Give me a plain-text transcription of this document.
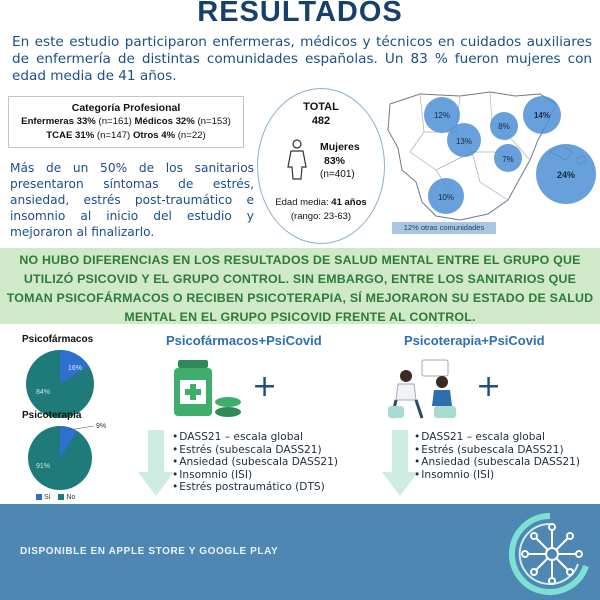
RESULTADOS
En este estudio participaron enfermeras, médicos y técnicos en cuidados auxiliares de enfermería de distintas comunidades españolas. Un 83 % fueron mujeres con edad media de 41 años.
Categoría Profesional
Enfermeras 33% (n=161) Médicos 32% (n=153)
TCAE 31% (n=147) Otros 4% (n=22)
Más de un 50% de los sanitarios presentaron síntomas de estrés, ansiedad, estrés post-traumático e insomnio al inicio del estudio y mejoraron al finalizarlo.
TOTAL
482
Mujeres
83%
(n=401)
Edad media: 41 años
(rango: 23-63)
12%	14%
8%
13%
7%
24%
10%
12% otras comunidades
NO HUBO DIFERENCIAS EN LOS RESULTADOS DE SALUD MENTAL ENTRE EL GRUPO QUE UTILIZÓ PSICOVID Y EL GRUPO CONTROL. SIN EMBARGO, ENTRE LOS SANITARIOS QUE TOMAN PSICOFÁRMACOS O RECIBEN PSICOTERAPIA, SÍ MEJORARON SU ESTADO DE SALUD MENTAL EN EL GRUPO PSICOVID FRENTE AL CONTROL.
Psicofármacos
16%
84%
Psicoterapia
9%
91%
Sí No
Psicofármacos+PsiCovid
+
• DASS21 – escala global
• Estrés (subescala DASS21)
• Ansiedad (subescala DASS21)
• Insomnio (ISI)
• Estrés postraumático (DTS)
Psicoterapia+PsiCovid
+
• DASS21 – escala global
• Estrés (subescala DASS21)
• Ansiedad (subescala DASS21)
• Insomnio (ISI)
DISPONIBLE EN APPLE STORE Y GOOGLE PLAY
